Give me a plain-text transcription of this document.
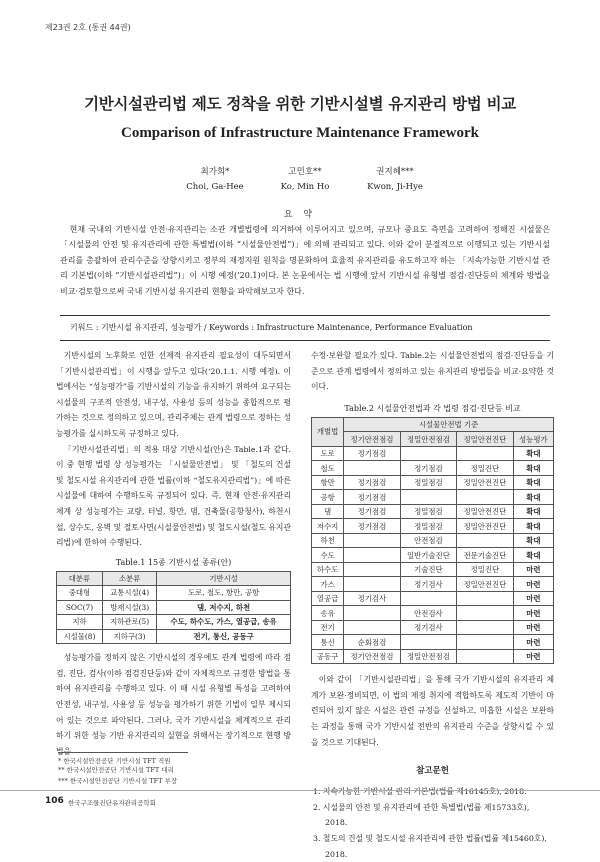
제23권 2호 (통권 44권)
기반시설관리법 제도 정착을 위한 기반시설별 유지관리 방법 비교
Comparison of Infrastructure Maintenance Framework
최가희*
Choi, Ga-Hee
고민호**
Ko, Min Ho
권지혜***
Kwon, Ji-Hye
요 약

현재 국내의 기반시설 안전·유지관리는 소관 개별법령에 의거하여 이루어지고 있으며, 규모나 중요도 측면을 고려하여 정해진 시설물은 「시설물의 안전 및 유지관리에 관한 특별법(이하 “시설물안전법”)」에 의해 관리되고 있다. 이와 같이 분절적으로 이행되고 있는 기반시설 관리를 총괄하여 관리수준을 상향시키고 정부의 재정지원 원칙을 명문화하여 효율적 유지관리를 유도하고자 하는 「지속가능한 기반시설 관리 기본법(이하 “기반시설관리법”)」이 시행 예정(‘20.1)이다. 본 논문에서는 법 시행에 앞서 기반시설 유형별 점검·진단등의 체계와 방법을 비교·검토함으로써 국내 기반시설 유지관리 현황을 파악해보고자 한다.

키워드 : 기반시설 유지관리, 성능평가 / Keywords : Infrastructure Maintenance, Performance Evaluation

기반시설의 노후화로 인한 선제적 유지관리 필요성이 대두되면서 「기반시설관리법」이 시행을 앞두고 있다(‘20.1.1. 시행 예정). 이 법에서는 “성능평가”를 기반시설의 기능을 유지하기 위하여 요구되는 시설물의 구조적 안전성, 내구성, 사용성 등의 성능을 종합적으로 평가하는 것으로 정의하고 있으며, 관리주체는 관계 법령으로 정하는 성능평가를 실시하도록 규정하고 있다.

「기반시설관리법」의 적용 대상 기반시설(안)은 Table.1과 같다. 이 중 현행 법령 상 성능평가는 「시설물안전법」 및 「철도의 건설 및 철도시설 유지관리에 관한 법률(이하 “철도유지관리법”)」에 따른 시설물에 대하여 수행하도록 규정되어 있다. 즉, 현재 안전·유지관리체계 상 성능평가는 교량, 터널, 항만, 댐, 건축물(공항청사), 하천시설, 상수도, 옹벽 및 절토사면(시설물안전법) 및 철도시설(철도 유지관리법)에 한하여 수행된다.

Table.1 15종 기반시설 종류(안)
대분류	소분류	기반시설
중대형	교통시설(4)	도로, 철도, 항만, 공항
SOC(7)	방재시설(3)	댐, 저수지, 하천
지하	지하관로(5)	수도, 하수도, 가스, 열공급, 송유
시설물(8)	지하구(3)	전기, 통신, 공동구

성능평가를 정하지 않은 기반시설의 경우에도 관계 법령에 따라 점검, 진단, 검사(이하 점검진단등)와 같이 자체적으로 규정한 방법을 통하여 유지관리를 수행하고 있다. 이 때 시설 유형별 특성을 고려하여 안전성, 내구성, 사용성 등 성능을 평가하기 위한 기법이 일부 제시되어 있는 것으로 파악된다. 그러나, 국가 기반시설을 체계적으로 관리하기 위한 성능 기반 유지관리의 실현을 위해서는 장기적으로 현행 방법을

수정·보완할 필요가 있다. Table.2는 시설물안전법의 점검·진단등을 기준으로 관계 법령에서 정의하고 있는 유지관리 방법들을 비교·요약한 것이다.

Table.2 시설물안전법과 각 법령 점검·진단등 비교
개별법	시설물안전법 기준			
	정기안전점검	정밀안전점검	정밀안전진단	성능평가
도로	정기점검			확대
철도		정기점검	정밀진단	확대
항만	정기점검	정밀점검	정밀안전진단	확대
공항	정기점검			확대
댐	정기점검	정밀점검	정밀안전진단	확대
저수지	정기점검	정밀점검	정밀안전진단	확대
하천		안전점검		확대
수도		일반기술진단	전문기술진단	확대
하수도		기술진단	정밀진단	마련
가스		정기검사	정밀안전진단	마련
열공급	정기검사			마련
송유		안전검사		마련
전기		정기검사		마련
통신	순회점검			마련
공동구	정기안전점검	정밀안전점검		마련

이와 같이 「기반시설관리법」을 통해 국가 기반시설의 유지관리 체계가 보완·정비되면, 이 법의 제정 취지에 적합하도록 제도적 기반이 마련되어 있지 않은 시설은 관련 규정을 신설하고, 미흡한 시설은 보완하는 과정을 통해 국가 기반시설 전반의 유지관리 수준을 상향시킬 수 있을 것으로 기대된다.

참고문헌
1. 지속가능한 기반시설 관리 기본법(법률 제16145호), 2018.
2. 시설물의 안전 및 유지관리에 관한 특별법(법률 제15733호), 2018.
3. 철도의 건설 및 철도시설 유지관리에 관한 법률(법률 제15460호), 2018.
* 한국시설안전공단 기반시설 TFT 직원
** 한국시설안전공단 기반시설 TFT 대리
*** 한국시설안전공단 기반시설 TFT 부장
106 한국구조물진단유지관리공학회
